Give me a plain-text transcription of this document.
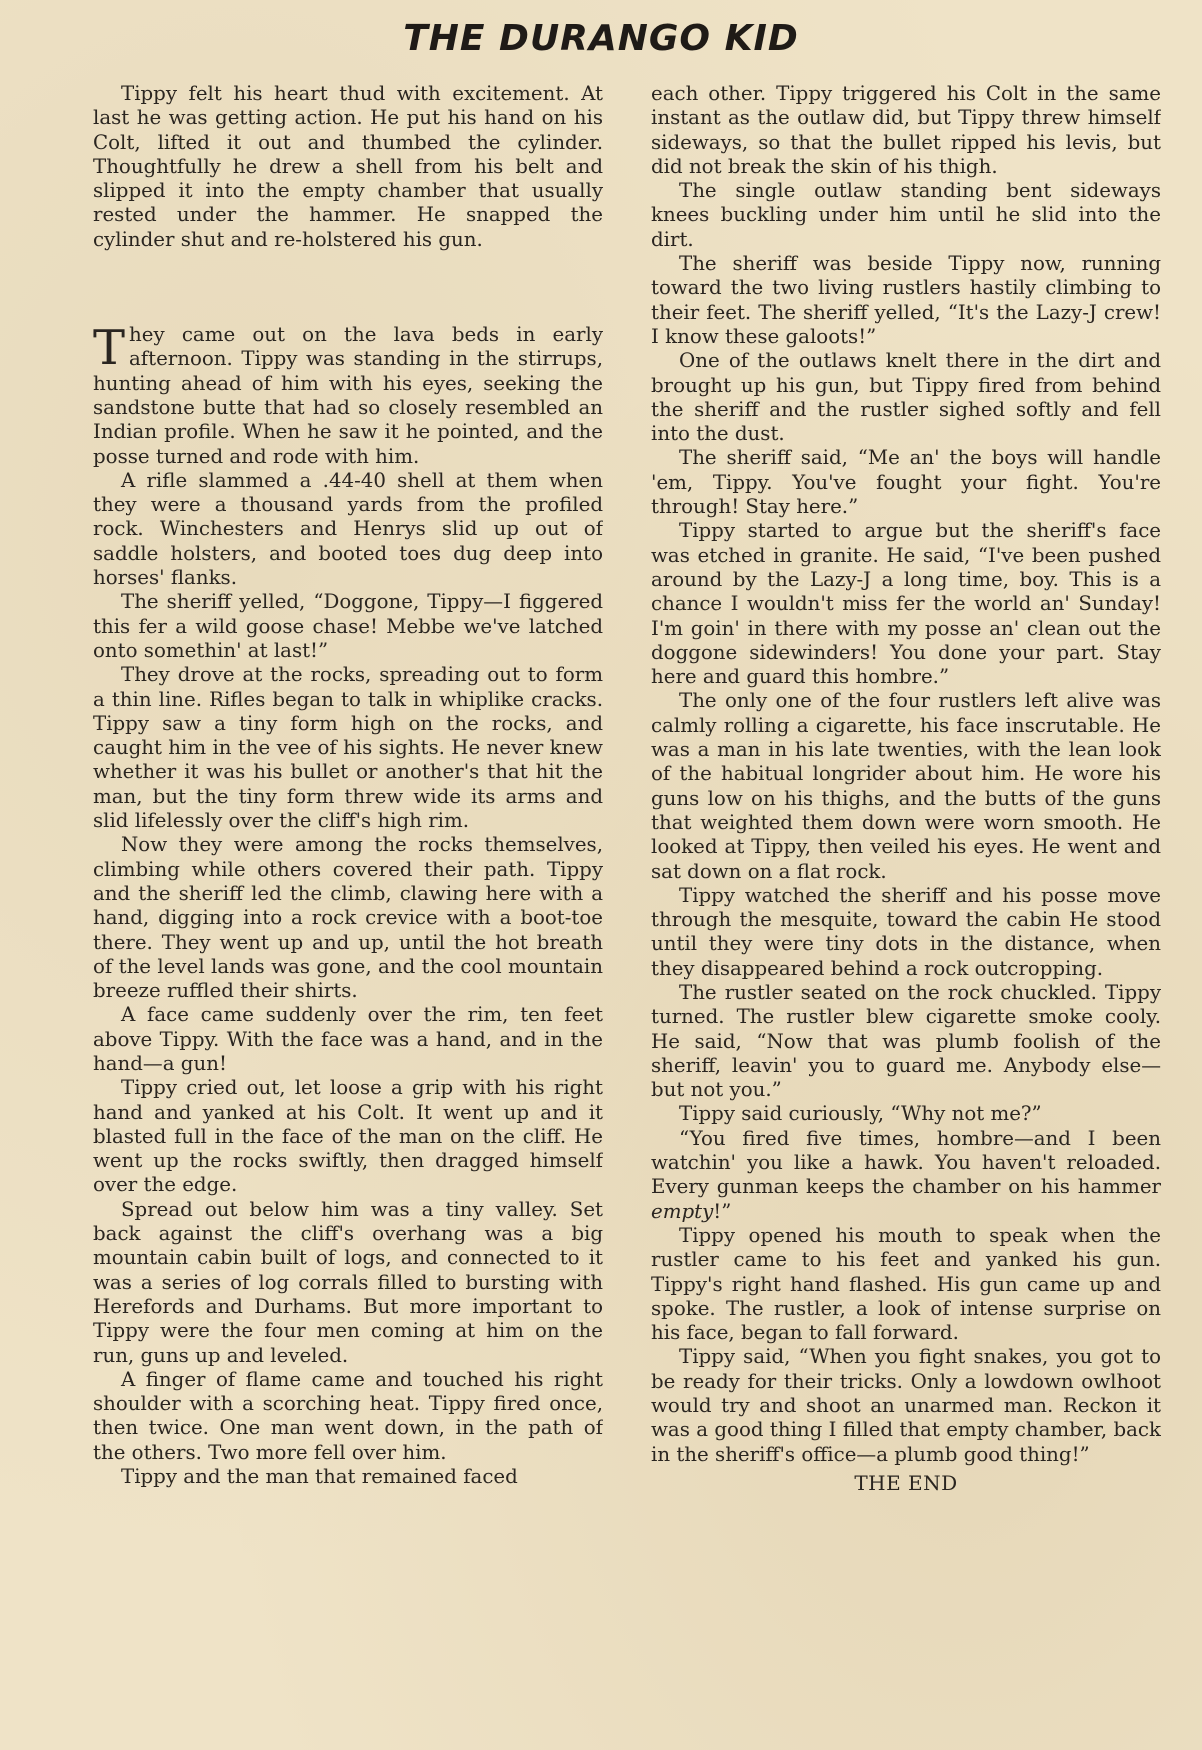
THE DURANGO KID

Tippy felt his heart thud with excitement. At last he was getting action. He put his hand on his Colt, lifted it out and thumbed the cylinder. Thoughtfully he drew a shell from his belt and slipped it into the empty chamber that usually rested under the hammer. He snapped the cylinder shut and re-holstered his gun.

They came out on the lava beds in early afternoon. Tippy was standing in the stirrups, hunting ahead of him with his eyes, seeking the sandstone butte that had so closely resembled an Indian profile. When he saw it he pointed, and the posse turned and rode with him.

A rifle slammed a .44-40 shell at them when they were a thousand yards from the profiled rock. Winchesters and Henrys slid up out of saddle holsters, and booted toes dug deep into horses' flanks.

The sheriff yelled, “Doggone, Tippy—I figgered this fer a wild goose chase! Mebbe we've latched onto somethin' at last!”

They drove at the rocks, spreading out to form a thin line. Rifles began to talk in whiplike cracks. Tippy saw a tiny form high on the rocks, and caught him in the vee of his sights. He never knew whether it was his bullet or another's that hit the man, but the tiny form threw wide its arms and slid lifelessly over the cliff's high rim.

Now they were among the rocks themselves, climbing while others covered their path. Tippy and the sheriff led the climb, clawing here with a hand, digging into a rock crevice with a boot-toe there. They went up and up, until the hot breath of the level lands was gone, and the cool mountain breeze ruffled their shirts.

A face came suddenly over the rim, ten feet above Tippy. With the face was a hand, and in the hand—a gun!

Tippy cried out, let loose a grip with his right hand and yanked at his Colt. It went up and it blasted full in the face of the man on the cliff. He went up the rocks swiftly, then dragged himself over the edge.

Spread out below him was a tiny valley. Set back against the cliff's overhang was a big mountain cabin built of logs, and connected to it was a series of log corrals filled to bursting with Herefords and Durhams. But more important to Tippy were the four men coming at him on the run, guns up and leveled.

A finger of flame came and touched his right shoulder with a scorching heat. Tippy fired once, then twice. One man went down, in the path of the others. Two more fell over him.

Tippy and the man that remained faced

each other. Tippy triggered his Colt in the same instant as the outlaw did, but Tippy threw himself sideways, so that the bullet ripped his levis, but did not break the skin of his thigh.

The single outlaw standing bent sideways knees buckling under him until he slid into the dirt.

The sheriff was beside Tippy now, running toward the two living rustlers hastily climbing to their feet. The sheriff yelled, “It's the Lazy-J crew! I know these galoots!”

One of the outlaws knelt there in the dirt and brought up his gun, but Tippy fired from behind the sheriff and the rustler sighed softly and fell into the dust.

The sheriff said, “Me an' the boys will handle 'em, Tippy. You've fought your fight. You're through! Stay here.”

Tippy started to argue but the sheriff's face was etched in granite. He said, “I've been pushed around by the Lazy-J a long time, boy. This is a chance I wouldn't miss fer the world an' Sunday! I'm goin' in there with my posse an' clean out the doggone sidewinders! You done your part. Stay here and guard this hombre.”

The only one of the four rustlers left alive was calmly rolling a cigarette, his face inscrutable. He was a man in his late twenties, with the lean look of the habitual longrider about him. He wore his guns low on his thighs, and the butts of the guns that weighted them down were worn smooth. He looked at Tippy, then veiled his eyes. He went and sat down on a flat rock.

Tippy watched the sheriff and his posse move through the mesquite, toward the cabin He stood until they were tiny dots in the distance, when they disappeared behind a rock outcropping.

The rustler seated on the rock chuckled. Tippy turned. The rustler blew cigarette smoke cooly. He said, “Now that was plumb foolish of the sheriff, leavin' you to guard me. Anybody else—but not you.”

Tippy said curiously, “Why not me?”

“You fired five times, hombre—and I been watchin' you like a hawk. You haven't reloaded. Every gunman keeps the chamber on his hammer empty!”

Tippy opened his mouth to speak when the rustler came to his feet and yanked his gun. Tippy's right hand flashed. His gun came up and spoke. The rustler, a look of intense surprise on his face, began to fall forward.

Tippy said, “When you fight snakes, you got to be ready for their tricks. Only a lowdown owlhoot would try and shoot an unarmed man. Reckon it was a good thing I filled that empty chamber, back in the sheriff's office—a plumb good thing!”

THE END
